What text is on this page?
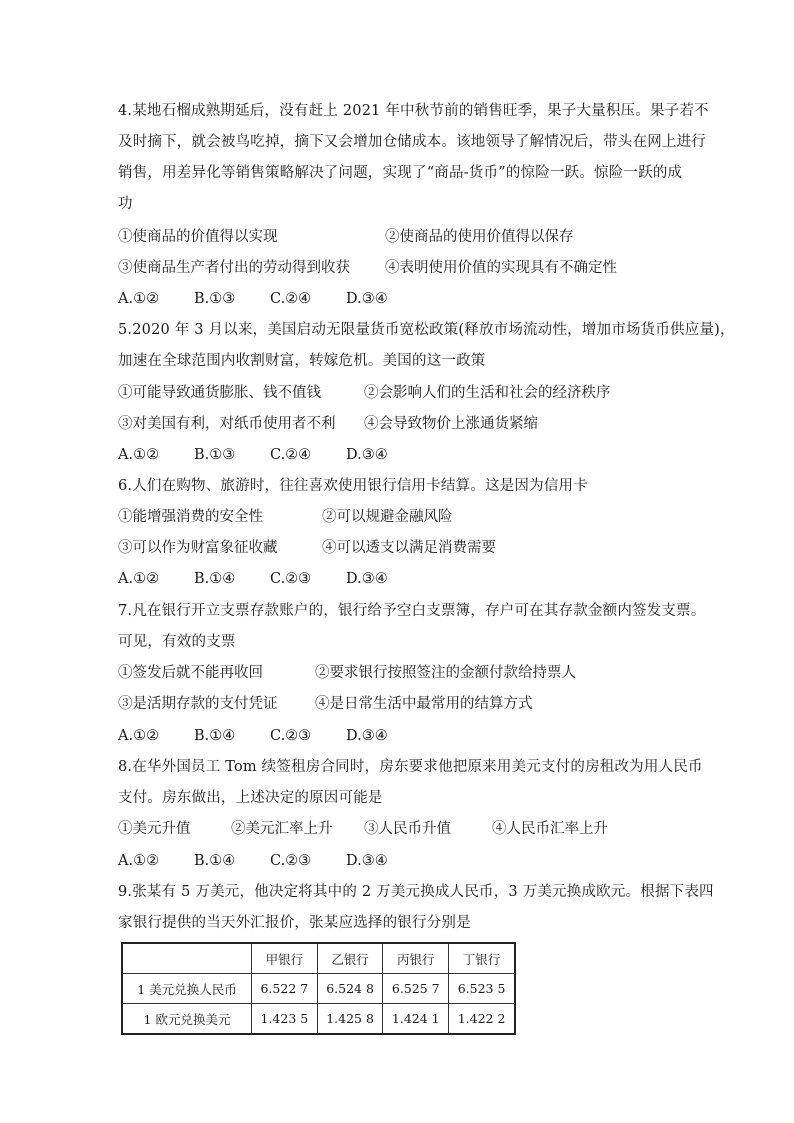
4.某地石榴成熟期延后，没有赶上 2021 年中秋节前的销售旺季，果子大量积压。果子若不
及时摘下，就会被鸟吃掉，摘下又会增加仓储成本。该地领导了解情况后，带头在网上进行
销售，用差异化等销售策略解决了问题，实现了“商品-货币”的惊险一跃。惊险一跃的成
功
①使商品的价值得以实现	②使商品的使用价值得以保存
③使商品生产者付出的劳动得到收获 ④表明使用价值的实现具有不确定性
A.①② B.①③ C.②④ D.③④
5.2020 年 3 月以来，美国启动无限量货币宽松政策(释放市场流动性，增加市场货币供应量)，
加速在全球范围内收割财富，转嫁危机。美国的这一政策
①可能导致通货膨胀、钱不值钱	②会影响人们的生活和社会的经济秩序
③对美国有利，对纸币使用者不利 ④会导致物价上涨通货紧缩
A.①② B.①③ C.②④ D.③④
6.人们在购物、旅游时，往往喜欢使用银行信用卡结算。这是因为信用卡
①能增强消费的安全性	②可以规避金融风险
③可以作为财富象征收藏	④可以透支以满足消费需要
A.①② B.①④ C.②③ D.③④
7.凡在银行开立支票存款账户的，银行给予空白支票簿，存户可在其存款金额内签发支票。
可见，有效的支票
①签发后就不能再收回	②要求银行按照签注的金额付款给持票人
③是活期存款的支付凭证	④是日常生活中最常用的结算方式
A.①② B.①④ C.②③ D.③④
8.在华外国员工 Tom 续签租房合同时，房东要求他把原来用美元支付的房租改为用人民币
支付。房东做出，上述决定的原因可能是
①美元升值	②美元汇率上升 ③人民币升值	④人民币汇率上升
A.①② B.①④ C.②③ D.③④
9.张某有 5 万美元，他决定将其中的 2 万美元换成人民币，3 万美元换成欧元。根据下表四
家银行提供的当天外汇报价，张某应选择的银行分别是
	甲银行	乙银行	丙银行	丁银行
1 美元兑换人民币	6.522 7	6.524 8	6.525 7	6.523 5
1 欧元兑换美元	1.423 5	1.425 8	1.424 1	1.422 2
